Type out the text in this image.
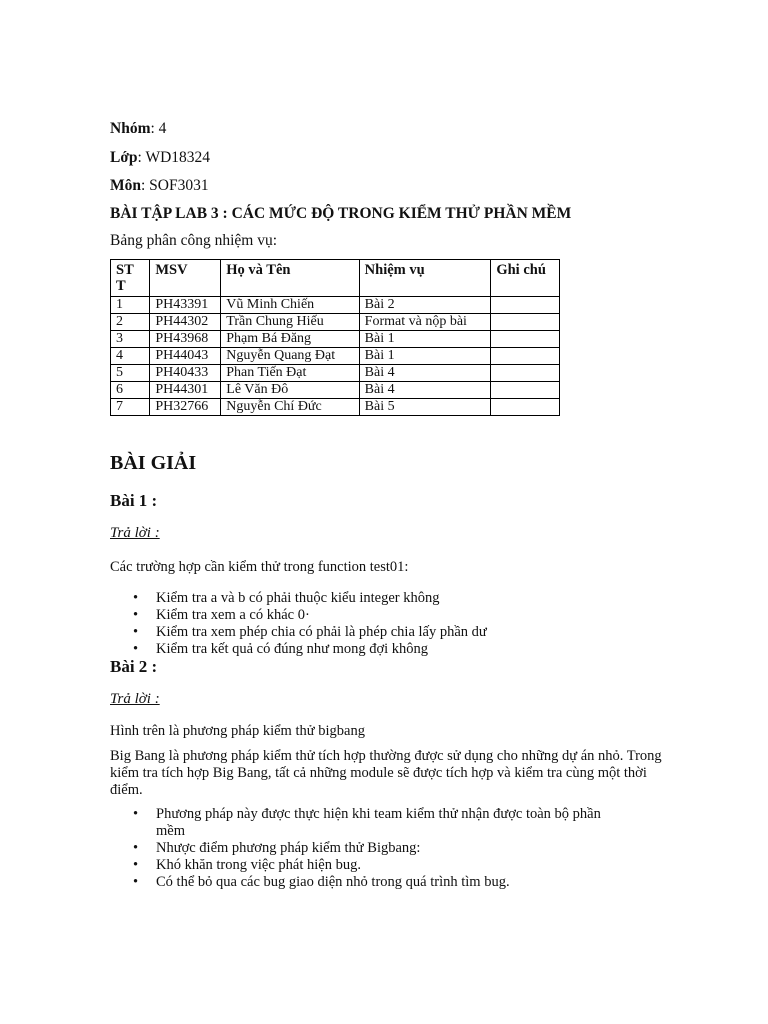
Nhóm: 4
Lớp: WD18324
Môn: SOF3031
BÀI TẬP LAB 3 : CÁC MỨC ĐỘ TRONG KIỂM THỬ PHẦN MỀM
Bảng phân công nhiệm vụ:
ST T	MSV	Họ và Tên	Nhiệm vụ	Ghi chú
1	PH43391	Vũ Minh Chiến	Bài 2	
2	PH44302	Trần Chung Hiếu	Format và nộp bài	
3	PH43968	Phạm Bá Đăng	Bài 1	
4	PH44043	Nguyễn Quang Đạt	Bài 1	
5	PH40433	Phan Tiến Đạt	Bài 4	
6	PH44301	Lê Văn Đô	Bài 4	
7	PH32766	Nguyễn Chí Đức	Bài 5	
BÀI GIẢI
Bài 1 :
Trả lời :
Các trường hợp cần kiểm thử trong function test01:
• Kiểm tra a và b có phải thuộc kiểu integer không
• Kiểm tra xem a có khác 0·
• Kiểm tra xem phép chia có phải là phép chia lấy phần dư
• Kiểm tra kết quả có đúng như mong đợi không
Bài 2 :
Trả lời :
Hình trên là phương pháp kiểm thử bigbang
Big Bang là phương pháp kiểm thử tích hợp thường được sử dụng cho những dự án nhỏ. Trong kiểm tra tích hợp Big Bang, tất cả những module sẽ được tích hợp và kiểm tra cùng một thời điểm.
• Phương pháp này được thực hiện khi team kiểm thử nhận được toàn bộ phần mềm
• Nhược điểm phương pháp kiểm thử Bigbang:
• Khó khăn trong việc phát hiện bug.
• Có thể bỏ qua các bug giao diện nhỏ trong quá trình tìm bug.
